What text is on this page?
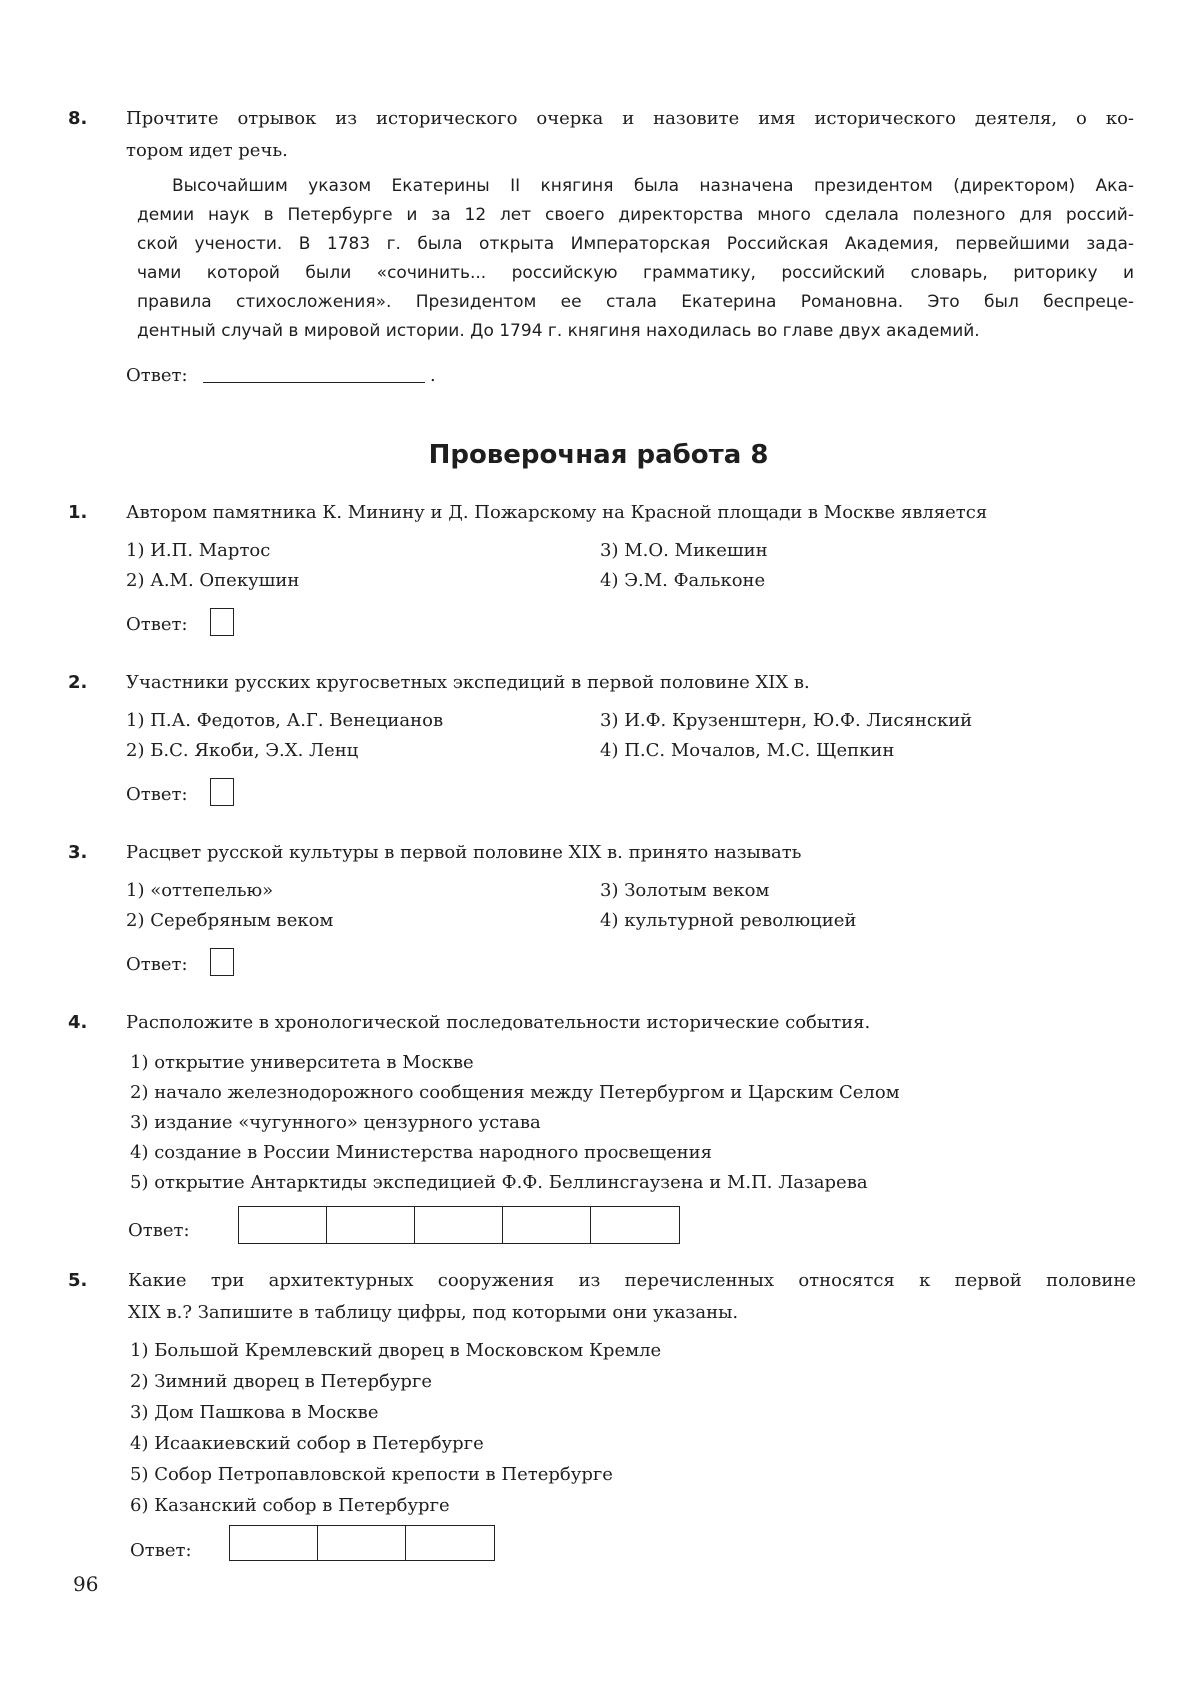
8. Прочтите отрывок из исторического очерка и назовите имя исторического деятеля, о ко-
тором идет речь.
Высочайшим указом Екатерины II княгиня была назначена президентом (директором) Ака-
демии наук в Петербурге и за 12 лет своего директорства много сделала полезного для россий-
ской учености. В 1783 г. была открыта Императорская Российская Академия, первейшими зада-
чами которой были «сочинить... российскую грамматику, российский словарь, риторику и
правила стихосложения». Президентом ее стала Екатерина Романовна. Это был беспреце-
дентный случай в мировой истории. До 1794 г. княгиня находилась во главе двух академий.
Ответ:	.
Проверочная работа 8
1. Автором памятника К. Минину и Д. Пожарскому на Красной площади в Москве является
1) И.П. Мартос
2) А.М. Опекушин
3) М.О. Микешин
4) Э.М. Фальконе
Ответ:
2. Участники русских кругосветных экспедиций в первой половине XIX в.
1) П.А. Федотов, А.Г. Венецианов
2) Б.С. Якоби, Э.Х. Ленц
3) И.Ф. Крузенштерн, Ю.Ф. Лисянский
4) П.С. Мочалов, М.С. Щепкин
Ответ:
3. Расцвет русской культуры в первой половине XIX в. принято называть
1) «оттепелью»
2) Серебряным веком
3) Золотым веком
4) культурной революцией
Ответ:
4. Расположите в хронологической последовательности исторические события.
1) открытие университета в Москве
2) начало железнодорожного сообщения между Петербургом и Царским Селом
3) издание «чугунного» цензурного устава
4) создание в России Министерства народного просвещения
5) открытие Антарктиды экспедицией Ф.Ф. Беллинсгаузена и М.П. Лазарева
Ответ:
5. Какие три архитектурных сооружения из перечисленных относятся к первой половине
XIX в.? Запишите в таблицу цифры, под которыми они указаны.
1) Большой Кремлевский дворец в Московском Кремле
2) Зимний дворец в Петербурге
3) Дом Пашкова в Москве
4) Исаакиевский собор в Петербурге
5) Собор Петропавловской крепости в Петербурге
6) Казанский собор в Петербурге
Ответ:
96
